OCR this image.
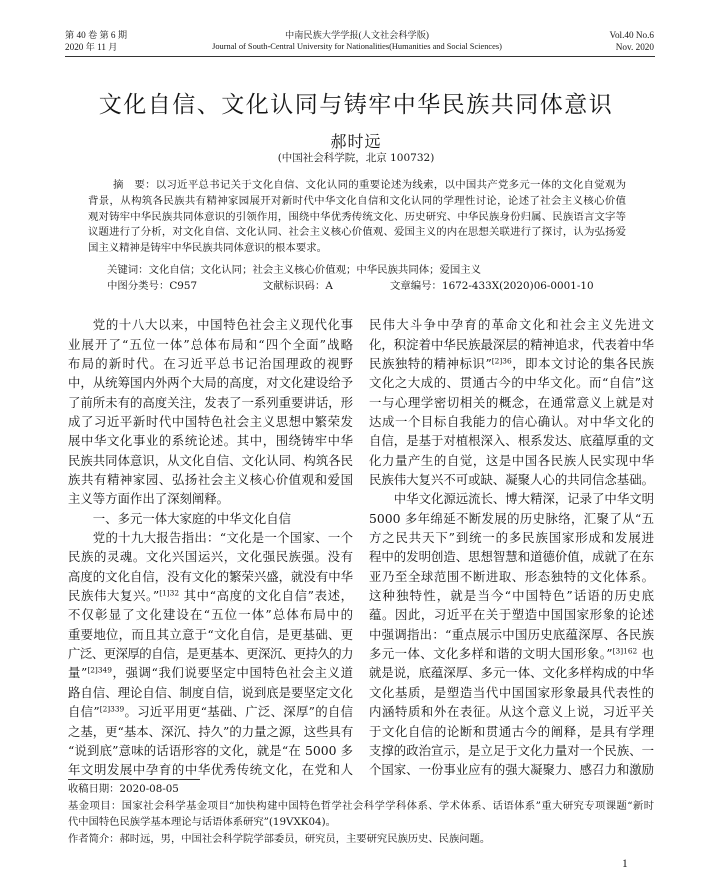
第 40 卷 第 6 期
2020 年 11 月
中南民族大学学报(人文社会科学版)
Journal of South-Central University for Nationalities(Humanities and Social Sciences)
Vol.40 No.6
Nov. 2020
文化自信、文化认同与铸牢中华民族共同体意识
郝时远
(中国社会科学院，北京 100732)
摘　要：以习近平总书记关于文化自信、文化认同的重要论述为线索，以中国共产党多元一体的文化自觉观为
背景，从构筑各民族共有精神家园展开对新时代中华文化自信和文化认同的学理性讨论，论述了社会主义核心价值
观对铸牢中华民族共同体意识的引领作用，围绕中华优秀传统文化、历史研究、中华民族身份归属、民族语言文字等
议题进行了分析，对文化自信、文化认同、社会主义核心价值观、爱国主义的内在思想关联进行了探讨，认为弘扬爱
国主义精神是铸牢中华民族共同体意识的根本要求。
关键词：文化自信；文化认同；社会主义核心价值观；中华民族共同体；爱国主义
中图分类号：C957	文献标识码：A	文章编号：1672-433X(2020)06-0001-10
党的十八大以来，中国特色社会主义现代化事
业展开了“五位一体”总体布局和“四个全面”战略
布局的新时代。在习近平总书记治国理政的视野
中，从统筹国内外两个大局的高度，对文化建设给予
了前所未有的高度关注，发表了一系列重要讲话，形
成了习近平新时代中国特色社会主义思想中繁荣发
展中华文化事业的系统论述。其中，围绕铸牢中华
民族共同体意识，从文化自信、文化认同、构筑各民
族共有精神家园、弘扬社会主义核心价值观和爱国
主义等方面作出了深刻阐释。
一、多元一体大家庭的中华文化自信
党的十九大报告指出：“文化是一个国家、一个
民族的灵魂。文化兴国运兴，文化强民族强。没有
高度的文化自信，没有文化的繁荣兴盛，就没有中华
民族伟大复兴。”$^{[1]32}$ 其中“高度的文化自信”表述，
不仅彰显了文化建设在“五位一体”总体布局中的
重要地位，而且其立意于“文化自信，是更基础、更
广泛、更深厚的自信，是更基本、更深沉、更持久的力
量”$^{[2]349}$，强调“我们说要坚定中国特色社会主义道
路自信、理论自信、制度自信，说到底是要坚定文化
自信”$^{[2]339}$。习近平用更“基础、广泛、深厚”的自信
之基，更“基本、深沉、持久”的力量之源，这些具有
“说到底”意味的话语形容的文化，就是“在 5000 多
年文明发展中孕育的中华优秀传统文化，在党和人
民伟大斗争中孕育的革命文化和社会主义先进文
化，积淀着中华民族最深层的精神追求，代表着中华
民族独特的精神标识”$^{[2]36}$，即本文讨论的集各民族
文化之大成的、贯通古今的中华文化。而“自信”这
一与心理学密切相关的概念，在通常意义上就是对
达成一个目标自我能力的信心确认。对中华文化的
自信，是基于对植根深入、根系发达、底蕴厚重的文
化力量产生的自觉，这是中国各民族人民实现中华
民族伟大复兴不可或缺、凝聚人心的共同信念基础。
中华文化源远流长、博大精深，记录了中华文明
5000 多年绵延不断发展的历史脉络，汇聚了从“五
方之民共天下”到统一的多民族国家形成和发展进
程中的发明创造、思想智慧和道德价值，成就了在东
亚乃至全球范围不断进取、形态独特的文化体系。
这种独特性，就是当今“中国特色”话语的历史底
蕴。因此，习近平在关于塑造中国国家形象的论述
中强调指出：“重点展示中国历史底蕴深厚、各民族
多元一体、文化多样和谐的文明大国形象。”$^{[3]162}$ 也
就是说，底蕴深厚、多元一体、文化多样构成的中华
文化基质，是塑造当代中国国家形象最具代表性的
内涵特质和外在表征。从这个意义上说，习近平关
于文化自信的论断和贯通古今的阐释，是具有学理
支撑的政治宣示，是立足于文化力量对一个民族、一
个国家、一份事业应有的强大凝聚力、感召力和激励
收稿日期：2020-08-05
基金项目：国家社会科学基金项目“加快构建中国特色哲学社会科学学科体系、学术体系、话语体系”重大研究专项课题“新时
代中国特色民族学基本理论与话语体系研究”(19VXK04)。
作者简介：郝时远，男，中国社会科学院学部委员，研究员，主要研究民族历史、民族问题。
1
